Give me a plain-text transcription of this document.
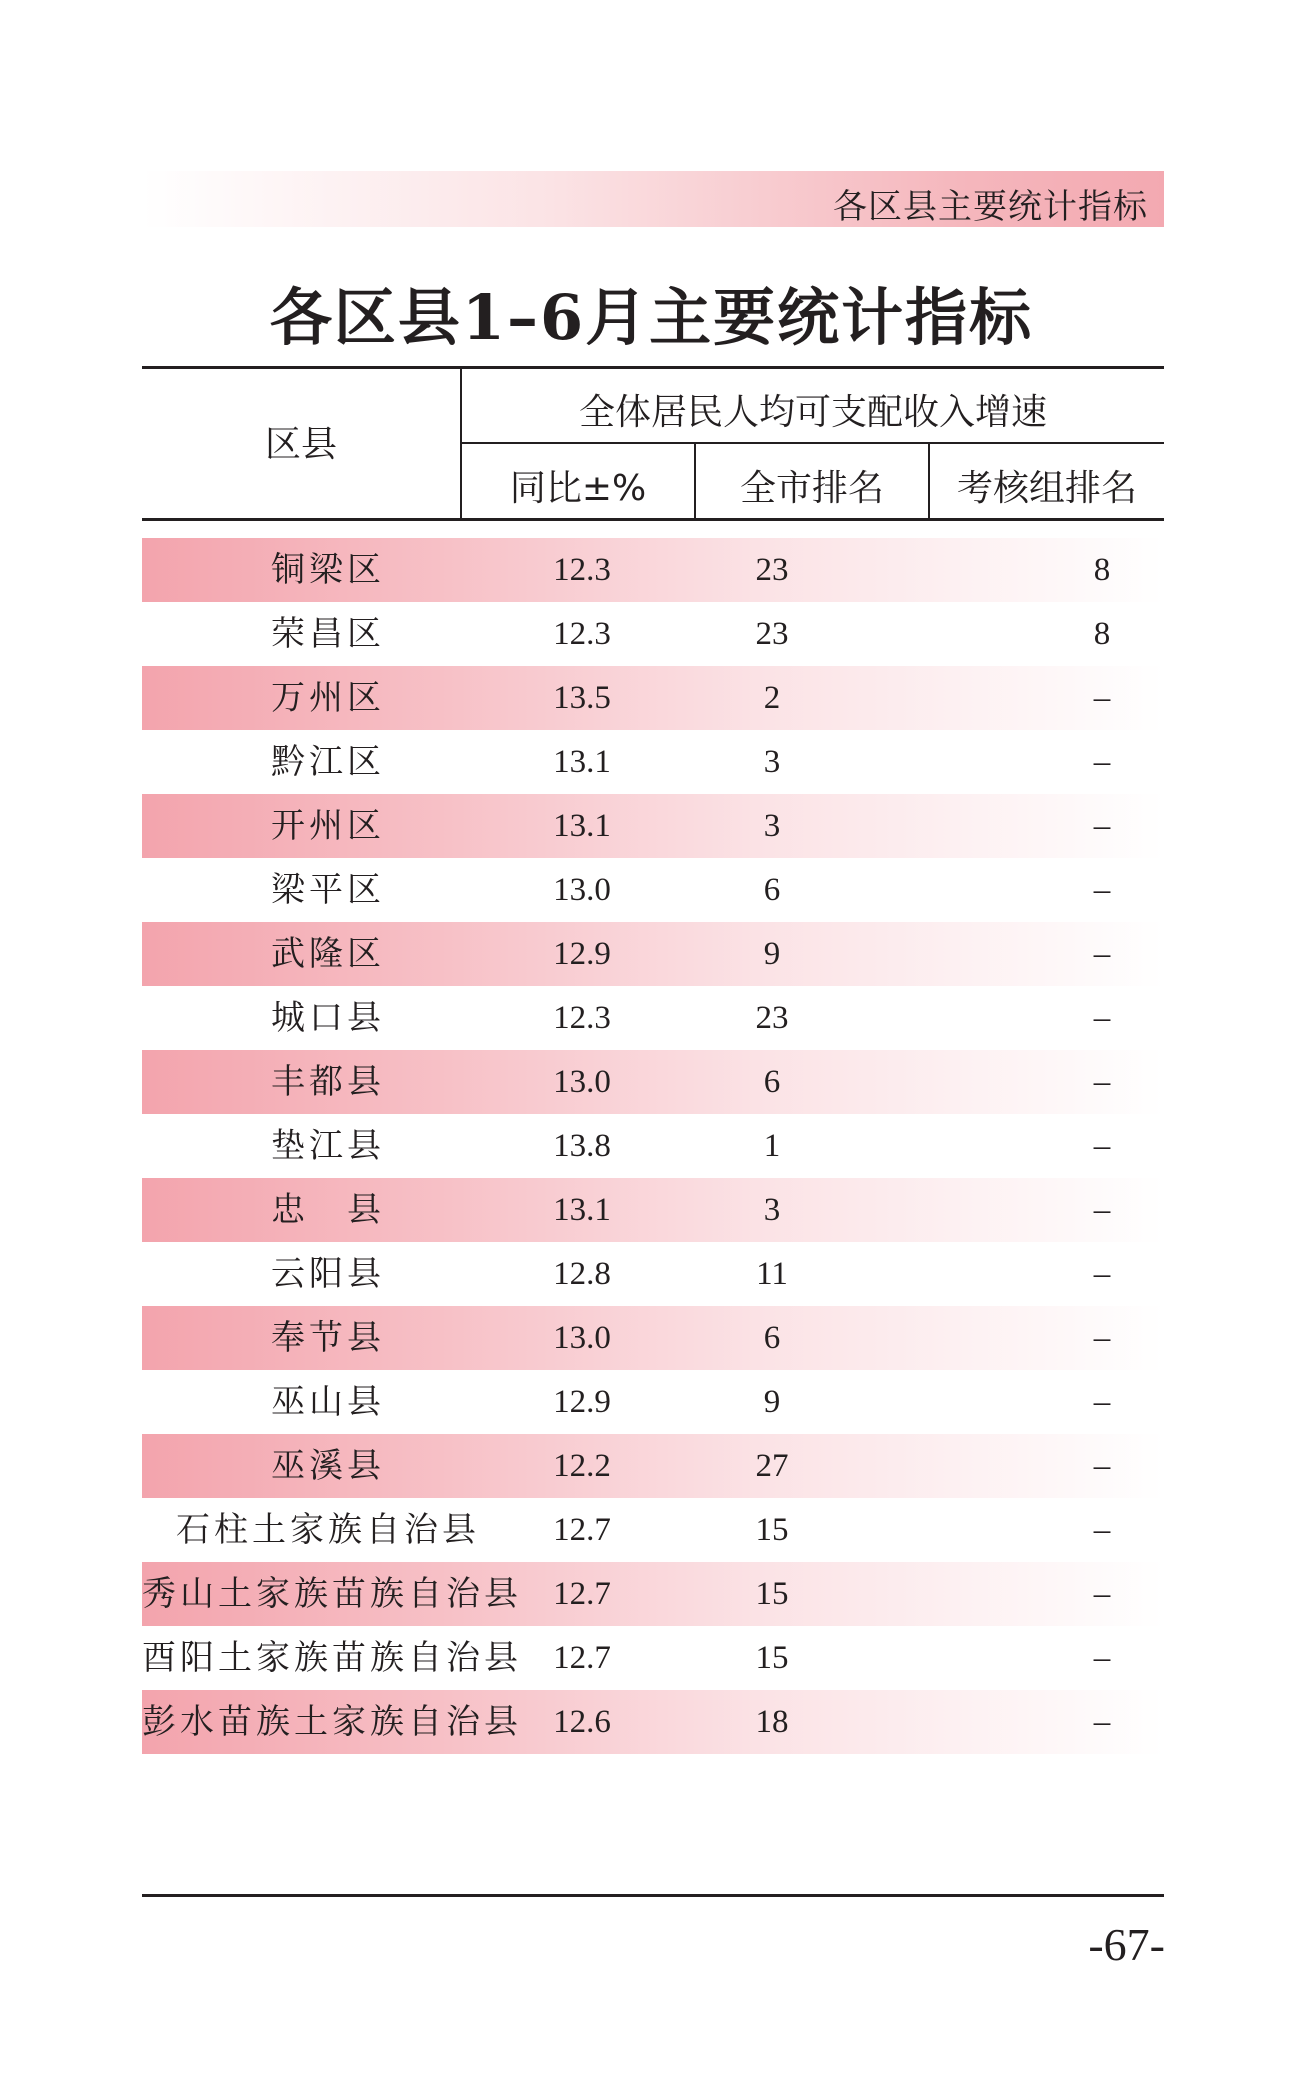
各区县主要统计指标
各区县1–6月主要统计指标
区县
全体居民人均可支配收入增速
同比±%	全市排名	考核组排名
铜梁区	12.3	23	8
荣昌区	12.3	23	8
万州区	13.5	2	–
黔江区	13.1	3	–
开州区	13.1	3	–
梁平区	13.0	6	–
武隆区	12.9	9	–
城口县	12.3	23	–
丰都县	13.0	6	–
垫江县	13.8	1	–
忠　县	13.1	3	–
云阳县	12.8	11	–
奉节县	13.0	6	–
巫山县	12.9	9	–
巫溪县	12.2	27	–
石柱土家族自治县	12.7	15	–
秀山土家族苗族自治县 12.7	15	–
酉阳土家族苗族自治县 12.7	15	–
彭水苗族土家族自治县 12.6	18	–
-67-
